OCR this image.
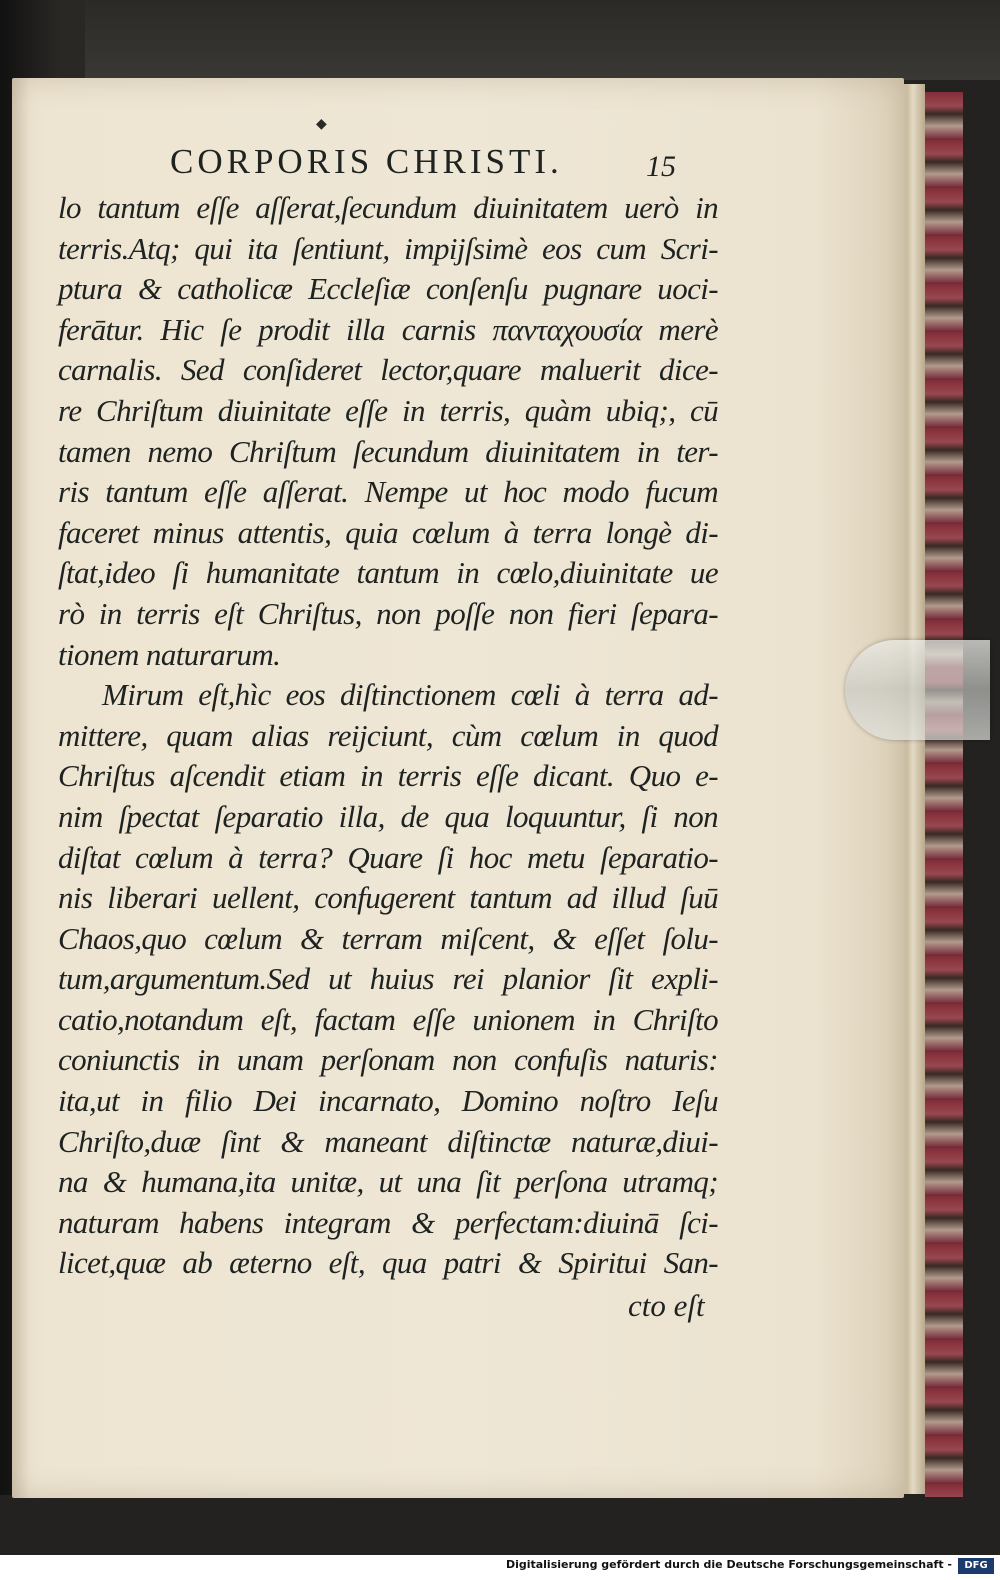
◆
CORPORIS CHRISTI.	15
lo tantum eſſe aſſerat,ſecundum diuinitatem uerò in
terris.Atq; qui ita ſentiunt, impijſsimè eos cum Scri-
ptura & catholicæ Eccleſiæ conſenſu pugnare uoci-
ferātur. Hic ſe prodit illa carnis πανταχουσία merè
carnalis. Sed conſideret lector,quare maluerit dice-
re Chriſtum diuinitate eſſe in terris, quàm ubiq;, cū
tamen nemo Chriſtum ſecundum diuinitatem in ter-
ris tantum eſſe aſſerat. Nempe ut hoc modo fucum
faceret minus attentis, quia cœlum à terra longè di-
ſtat,ideo ſi humanitate tantum in cœlo,diuinitate ue
rò in terris eſt Chriſtus, non poſſe non fieri ſepara-
tionem naturarum.
Mirum eſt,hìc eos diſtinctionem cœli à terra ad-
mittere, quam alias reijciunt, cùm cœlum in quod
Chriſtus aſcendit etiam in terris eſſe dicant. Quo e-
nim ſpectat ſeparatio illa, de qua loquuntur, ſi non
diſtat cœlum à terra? Quare ſi hoc metu ſeparatio-
nis liberari uellent, confugerent tantum ad illud ſuū
Chaos,quo cœlum & terram miſcent, & eſſet ſolu-
tum,argumentum.Sed ut huius rei planior ſit expli-
catio,notandum eſt, factam eſſe unionem in Chriſto
coniunctis in unam perſonam non confuſis naturis:
ita,ut in filio Dei incarnato, Domino noſtro Ieſu
Chriſto,duæ ſint & maneant diſtinctæ naturæ,diui-
na & humana,ita unitæ, ut una ſit perſona utramq;
naturam habens integram & perfectam:diuinā ſci-
licet,quæ ab æterno eſt, qua patri & Spiritui San-
cto eſt
Digitalisierung gefördert durch die Deutsche Forschungsgemeinschaft -	DFG
